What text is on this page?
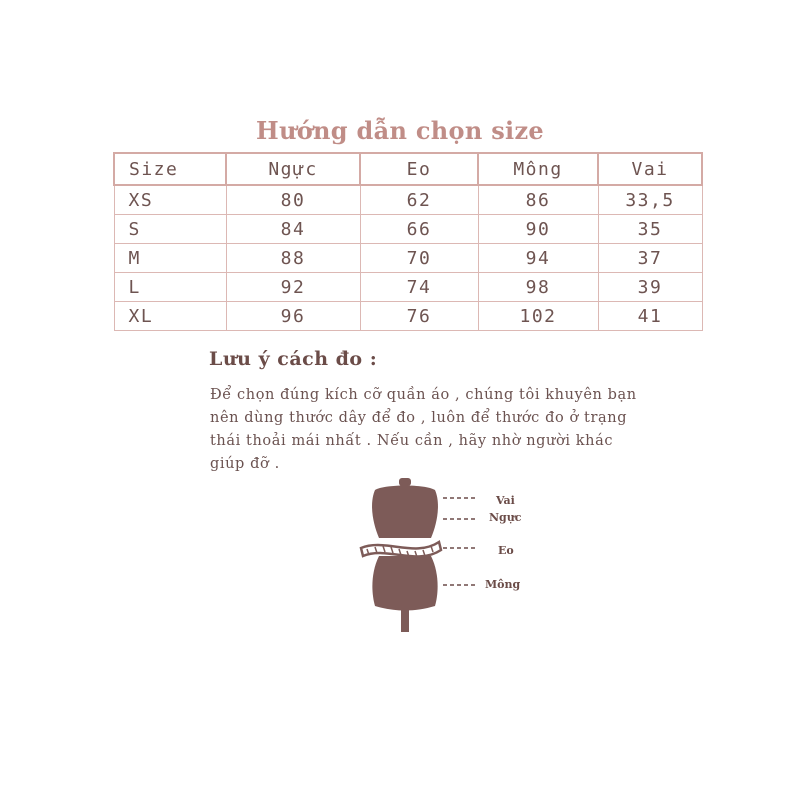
Hướng dẫn chọn size
Size	Ngực	Eo	Mông	Vai
XS	80	62	86	33,5
S	84	66	90	35
M	88	70	94	37
L	92	74	98	39
XL	96	76	102	41
Lưu ý cách đo :
Để chọn đúng kích cỡ quần áo , chúng tôi khuyên bạn
nên dùng thước dây để đo , luôn để thước đo ở trạng
thái thoải mái nhất . Nếu cần , hãy nhờ người khác
giúp đỡ .
Vai
Ngực
Eo
Mông
